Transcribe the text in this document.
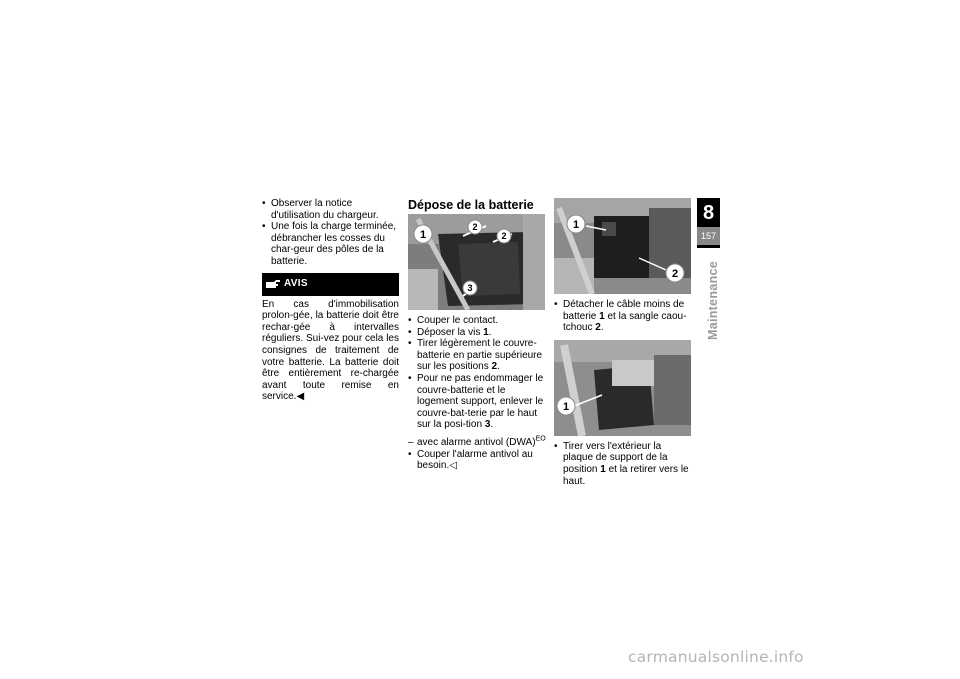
• Observer la notice d'utilisation du chargeur.
• Une fois la charge terminée, débrancher les cosses du char-geur des pôles de la batterie.
AVIS
En cas d'immobilisation prolon-gée, la batterie doit être rechar-gée à intervalles réguliers. Sui-vez pour cela les consignes de traitement de votre batterie. La batterie doit être entièrement re-chargée avant toute remise en service.◀
Dépose de la batterie
1
2
2
3
• Couper le contact.
• Déposer la vis 1.
• Tirer légèrement le couvre-batterie en partie supérieure sur les positions 2.
• Pour ne pas endommager le couvre-batterie et le logement support, enlever le couvre-bat-terie par le haut sur la posi-tion 3.
– avec alarme antivol (DWA)$^{EO}$
• Couper l'alarme antivol au besoin.◁
1
2
• Détacher le câble moins de batterie 1 et la sangle caou-tchouc 2.
1
• Tirer vers l'extérieur la plaque de support de la position 1 et la retirer vers le haut.
8
157
Maintenance
carmanualsonline.info
